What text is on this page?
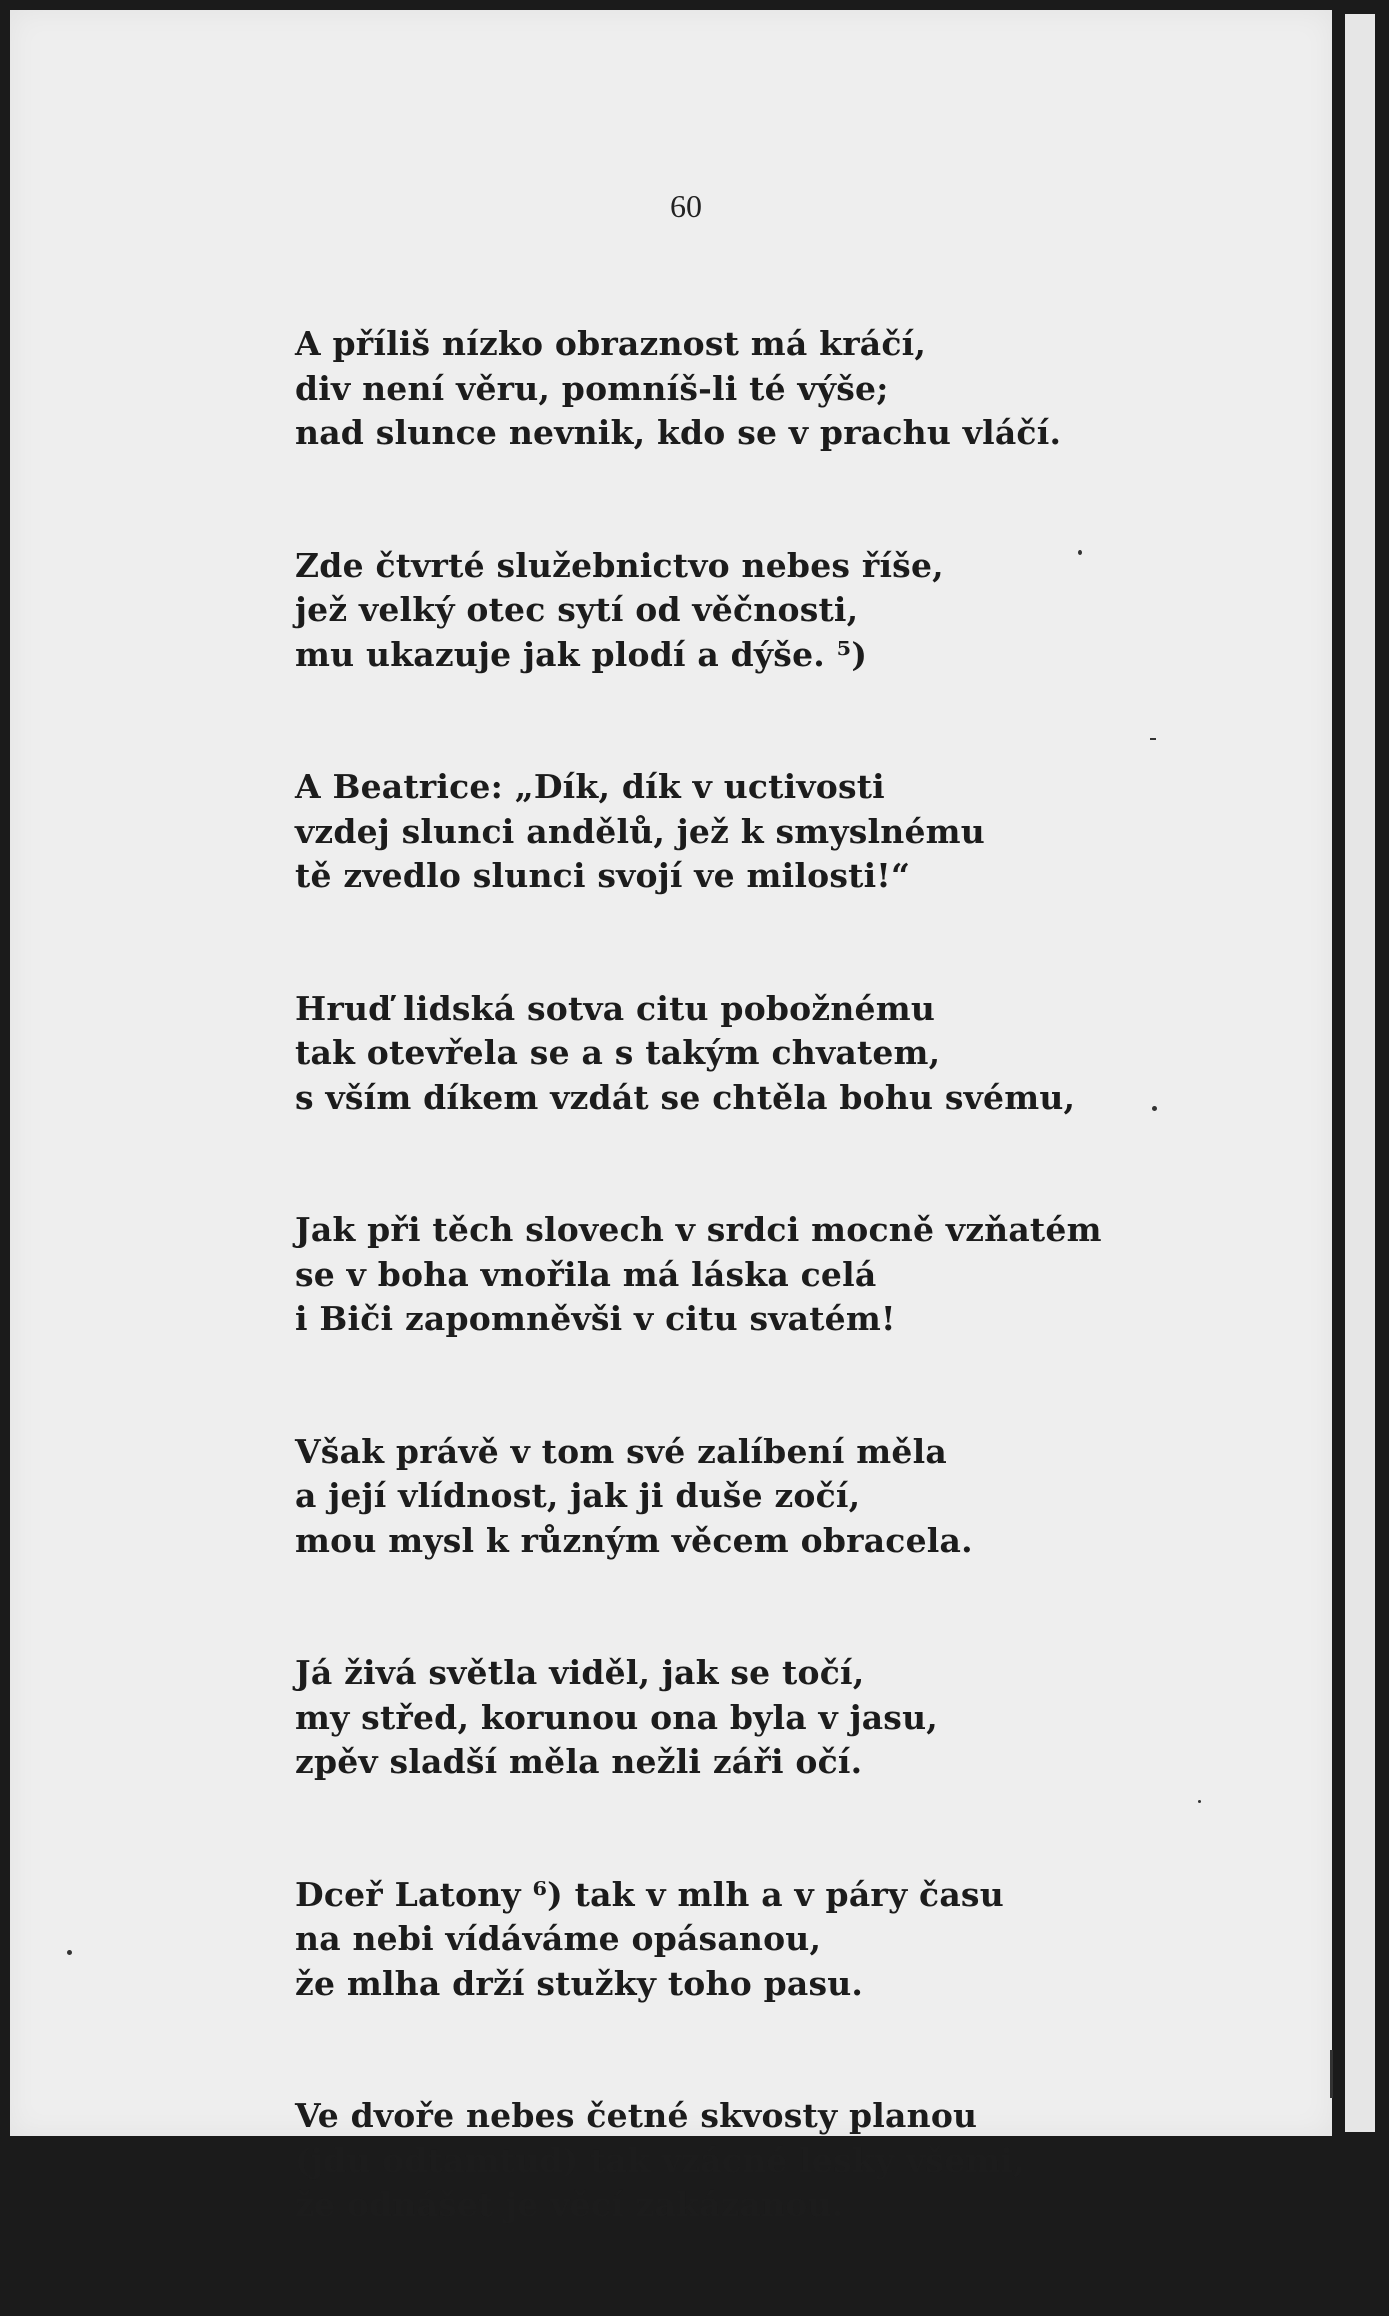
60
A příliš nízko obraznost má kráčí,
div není věru, pomníš-li té výše;
nad slunce nevnik, kdo se v prachu vláčí.
Zde čtvrté služebnictvo nebes říše,
jež velký otec sytí od věčnosti,
mu ukazuje jak plodí a dýše. ⁵)
A Beatrice: „Dík, dík v uctivosti
vzdej slunci andělů, jež k smyslnému
tě zvedlo slunci svojí ve milosti!“
Hruď lidská sotva citu pobožnému
tak otevřela se a s takým chvatem,
s vším díkem vzdát se chtěla bohu svému,
Jak při těch slovech v srdci mocně vzňatém
se v boha vnořila má láska celá
i Biči zapomněvši v citu svatém!
Však právě v tom své zalíbení měla
a její vlídnost, jak ji duše zočí,
mou mysl k různým věcem obracela.
Já živá světla viděl, jak se točí,
my střed, korunou ona byla v jasu,
zpěv sladší měla nežli záři očí.
Dceř Latony ⁶) tak v mlh a v páry času
na nebi vídáváme opásanou,
že mlha drží stužky toho pasu.
Ve dvoře nebes četné skvosty planou
(jdu odtamtud) tak vzácné lesky všemi,
že odnášet je věcí zakázanou.
